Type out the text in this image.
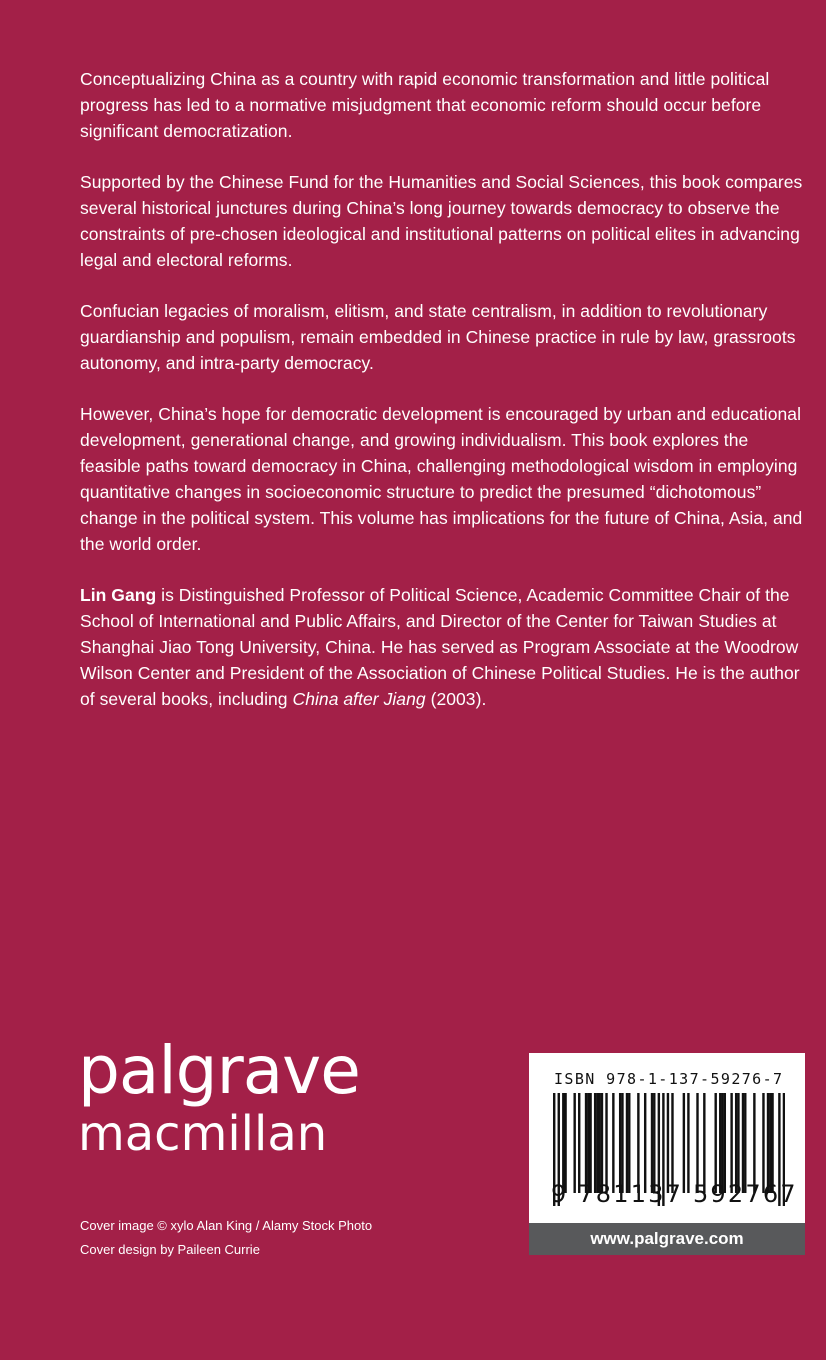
Conceptualizing China as a country with rapid economic transformation and little political progress has led to a normative misjudgment that economic reform should occur before significant democratization.

Supported by the Chinese Fund for the Humanities and Social Sciences, this book compares several historical junctures during China’s long journey towards democracy to observe the constraints of pre-chosen ideological and institutional patterns on political elites in advancing legal and electoral reforms.

Confucian legacies of moralism, elitism, and state centralism, in addition to revolutionary guardianship and populism, remain embedded in Chinese practice in rule by law, grassroots autonomy, and intra-party democracy.

However, China’s hope for democratic development is encouraged by urban and educational development, generational change, and growing individualism. This book explores the feasible paths toward democracy in China, challenging methodological wisdom in employing quantitative changes in socioeconomic structure to predict the presumed “dichotomous” change in the political system. This volume has implications for the future of China, Asia, and the world order.

Lin Gang is Distinguished Professor of Political Science, Academic Committee Chair of the School of International and Public Affairs, and Director of the Center for Taiwan Studies at Shanghai Jiao Tong University, China. He has served as Program Associate at the Woodrow Wilson Center and President of the Association of Chinese Political Studies. He is the author of several books, including China after Jiang (2003).

palgrave
macmillan
Cover image © xylo Alan King / Alamy Stock Photo
Cover design by Paileen Currie
ISBN 978-1-137-59276-7
9 781137 592767
www.palgrave.com
